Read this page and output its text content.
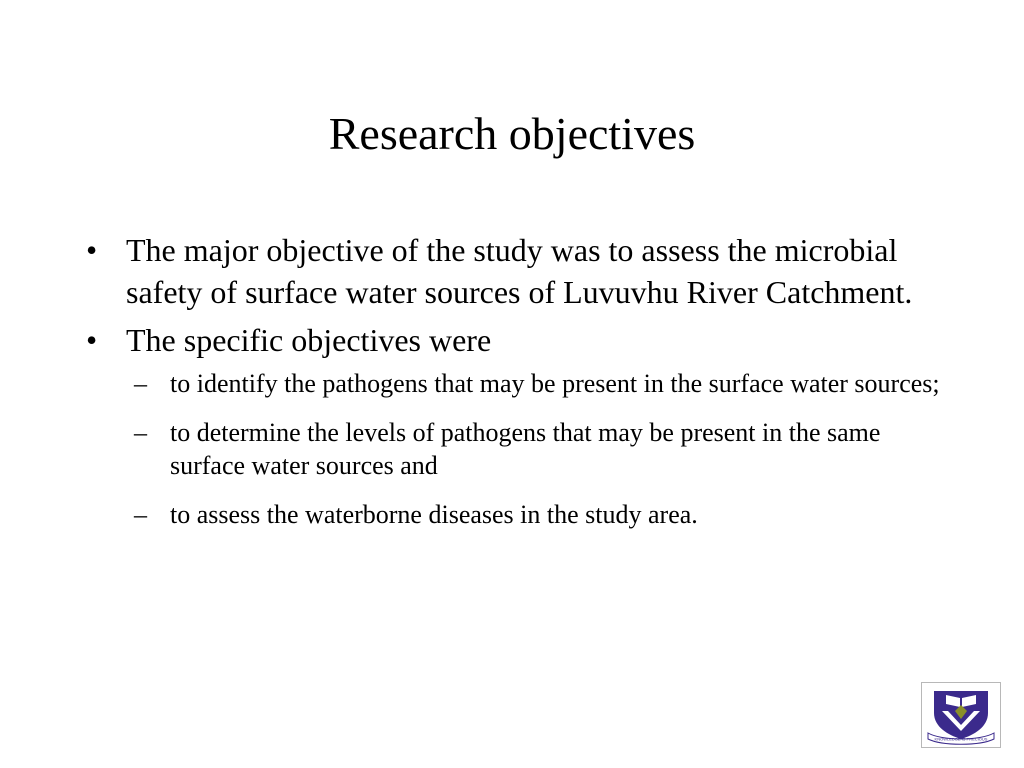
Research objectives
• The major objective of the study was to assess the microbial safety of surface water sources of Luvuvhu River Catchment.
• The specific objectives were
– to identify the pathogens that may be present in the surface water sources;
– to determine the levels of pathogens that may be present in the same surface water sources and
– to assess the waterborne diseases in the study area.
KNOWLEDGE IS PRECIOUS
